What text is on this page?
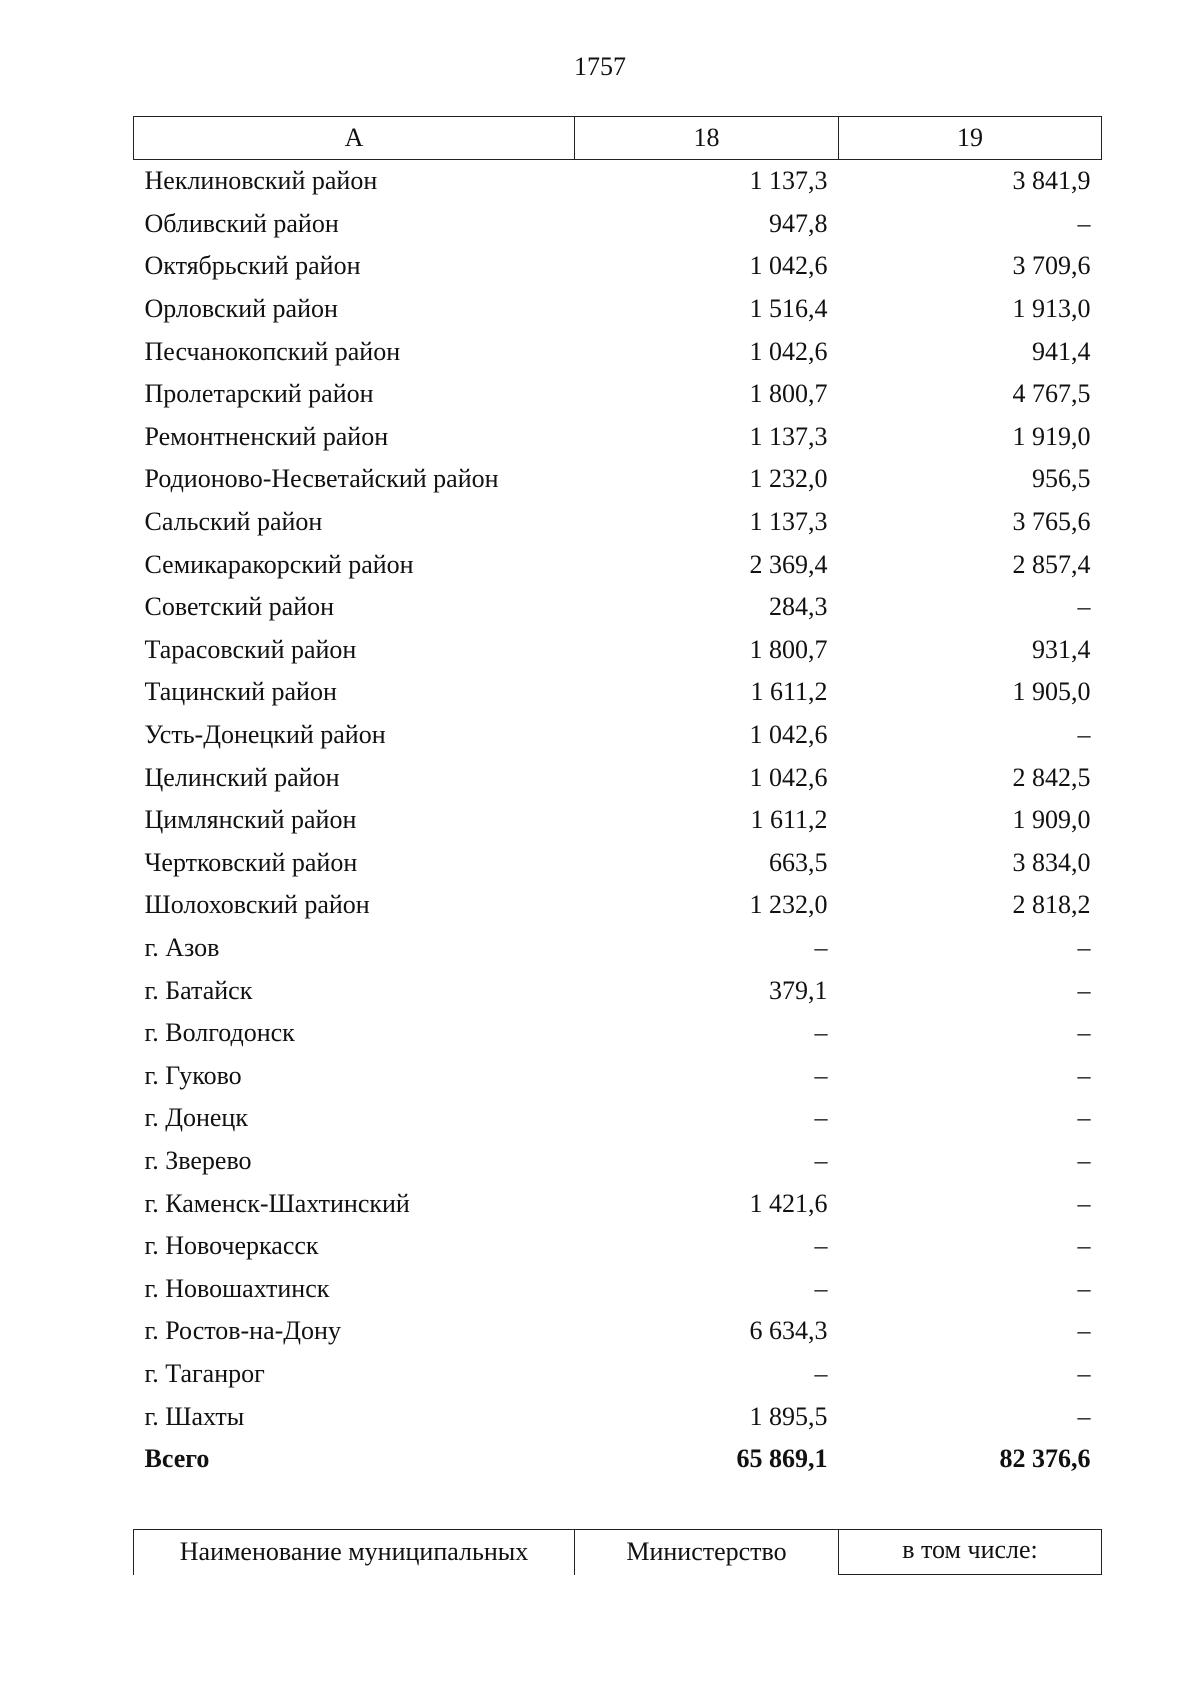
1757
А	18	19
Неклиновский район	1 137,3	3 841,9
Обливский район	947,8	–
Октябрьский район	1 042,6	3 709,6
Орловский район	1 516,4	1 913,0
Песчанокопский район	1 042,6	941,4
Пролетарский район	1 800,7	4 767,5
Ремонтненский район	1 137,3	1 919,0
Родионово-Несветайский район	1 232,0	956,5
Сальский район	1 137,3	3 765,6
Семикаракорский район	2 369,4	2 857,4
Советский район	284,3	–
Тарасовский район	1 800,7	931,4
Тацинский район	1 611,2	1 905,0
Усть-Донецкий район	1 042,6	–
Целинский район	1 042,6	2 842,5
Цимлянский район	1 611,2	1 909,0
Чертковский район	663,5	3 834,0
Шолоховский район	1 232,0	2 818,2
г. Азов	–	–
г. Батайск	379,1	–
г. Волгодонск	–	–
г. Гуково	–	–
г. Донецк	–	–
г. Зверево	–	–
г. Каменск-Шахтинский	1 421,6	–
г. Новочеркасск	–	–
г. Новошахтинск	–	–
г. Ростов-на-Дону	6 634,3	–
г. Таганрог	–	–
г. Шахты	1 895,5	–
Всего	65 869,1	82 376,6
Наименование муниципальных	Министерство	в том числе:
